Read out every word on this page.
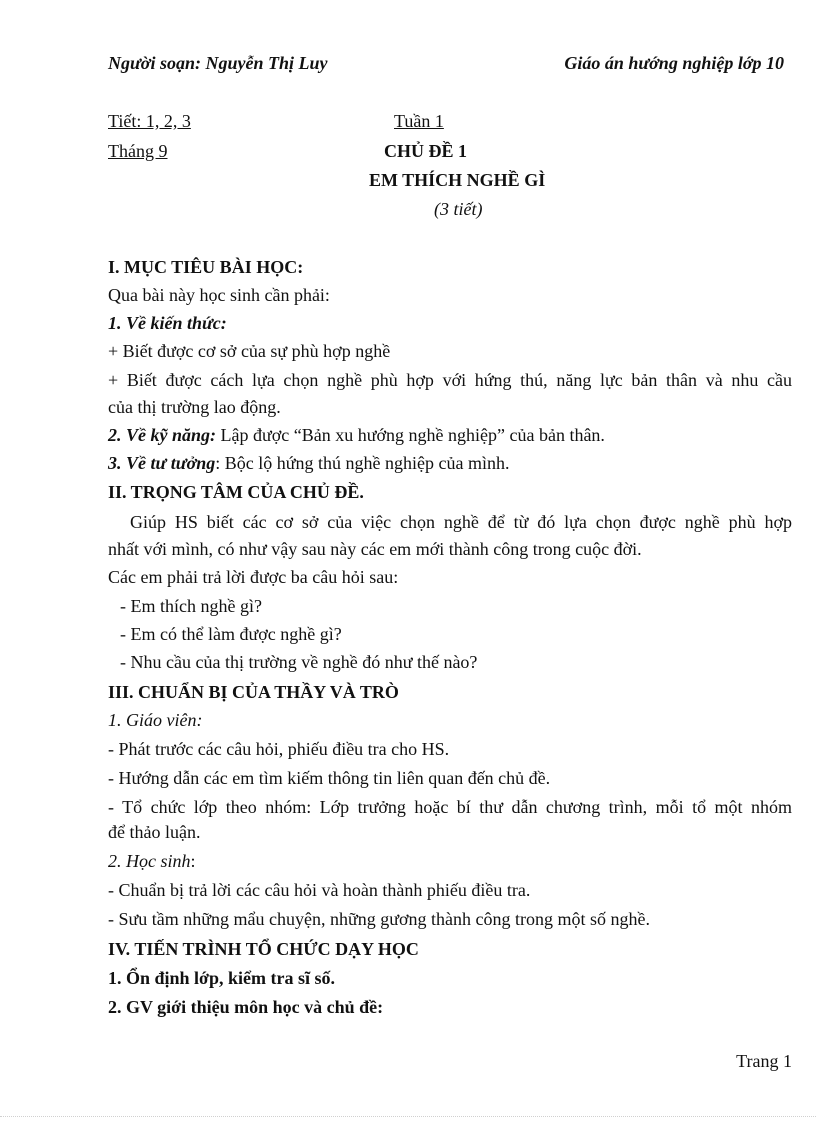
Người soạn: Nguyễn Thị Luy	Giáo án hướng nghiệp lớp 10
Tiết: 1, 2, 3	Tuần 1
Tháng 9	CHỦ ĐỀ 1
EM THÍCH NGHỀ GÌ
(3 tiết)
I. MỤC TIÊU BÀI HỌC:
Qua bài này học sinh cần phải:
1. Về kiến thức:
+ Biết được cơ sở của sự phù hợp nghề
+ Biết được cách lựa chọn nghề phù hợp với hứng thú, năng lực bản thân và nhu cầu
của thị trường lao động.
2. Về kỹ năng: Lập được “Bản xu hướng nghề nghiệp” của bản thân.
3. Về tư tưởng: Bộc lộ hứng thú nghề nghiệp của mình.
II. TRỌNG TÂM CỦA CHỦ ĐỀ.
Giúp HS biết các cơ sở của việc chọn nghề để từ đó lựa chọn được nghề phù hợp
nhất với mình, có như vậy sau này các em mới thành công trong cuộc đời.
Các em phải trả lời được ba câu hỏi sau:
- Em thích nghề gì?
- Em có thể làm được nghề gì?
- Nhu cầu của thị trường về nghề đó như thế nào?
III. CHUẨN BỊ CỦA THẦY VÀ TRÒ
1. Giáo viên:
- Phát trước các câu hỏi, phiếu điều tra cho HS.
- Hướng dẫn các em tìm kiếm thông tin liên quan đến chủ đề.
- Tổ chức lớp theo nhóm: Lớp trưởng hoặc bí thư dẫn chương trình, mỗi tổ một nhóm
để thảo luận.
2. Học sinh:
- Chuẩn bị trả lời các câu hỏi và hoàn thành phiếu điều tra.
- Sưu tầm những mẩu chuyện, những gương thành công trong một số nghề.
IV. TIẾN TRÌNH TỔ CHỨC DẠY HỌC
1. Ổn định lớp, kiểm tra sĩ số.
2. GV giới thiệu môn học và chủ đề:
Trang 1
